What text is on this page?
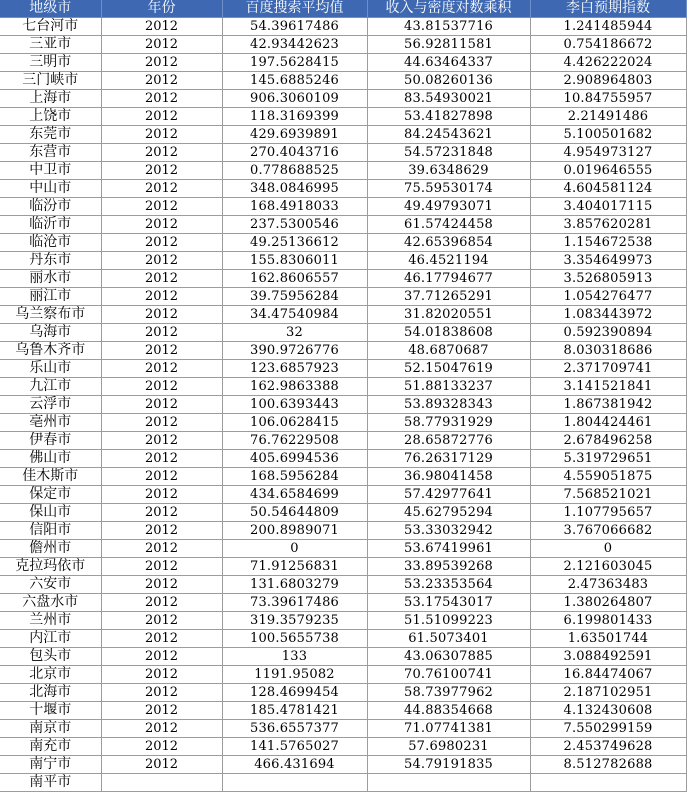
地级市	年份	百度搜索平均值	收入与密度对数乘积	李白预期指数
七台河市	2012	54.39617486	43.81537716	1.241485944
三亚市	2012	42.93442623	56.92811581	0.754186672
三明市	2012	197.5628415	44.63464337	4.426222024
三门峡市	2012	145.6885246	50.08260136	2.908964803
上海市	2012	906.3060109	83.54930021	10.84755957
上饶市	2012	118.3169399	53.41827898	2.21491486
东莞市	2012	429.6939891	84.24543621	5.100501682
东营市	2012	270.4043716	54.57231848	4.954973127
中卫市	2012	0.778688525	39.6348629	0.019646555
中山市	2012	348.0846995	75.59530174	4.604581124
临汾市	2012	168.4918033	49.49793071	3.404017115
临沂市	2012	237.5300546	61.57424458	3.857620281
临沧市	2012	49.25136612	42.65396854	1.154672538
丹东市	2012	155.8306011	46.4521194	3.354649973
丽水市	2012	162.8606557	46.17794677	3.526805913
丽江市	2012	39.75956284	37.71265291	1.054276477
乌兰察布市	2012	34.47540984	31.82020551	1.083443972
乌海市	2012	32	54.01838608	0.592390894
乌鲁木齐市	2012	390.9726776	48.6870687	8.030318686
乐山市	2012	123.6857923	52.15047619	2.371709741
九江市	2012	162.9863388	51.88133237	3.141521841
云浮市	2012	100.6393443	53.89328343	1.867381942
亳州市	2012	106.0628415	58.77931929	1.804424461
伊春市	2012	76.76229508	28.65872776	2.678496258
佛山市	2012	405.6994536	76.26317129	5.319729651
佳木斯市	2012	168.5956284	36.98041458	4.559051875
保定市	2012	434.6584699	57.42977641	7.568521021
保山市	2012	50.54644809	45.62795294	1.107795657
信阳市	2012	200.8989071	53.33032942	3.767066682
儋州市	2012	0	53.67419961	0
克拉玛依市	2012	71.91256831	33.89539268	2.121603045
六安市	2012	131.6803279	53.23353564	2.47363483
六盘水市	2012	73.39617486	53.17543017	1.380264807
兰州市	2012	319.3579235	51.51099223	6.199801433
内江市	2012	100.5655738	61.5073401	1.63501744
包头市	2012	133	43.06307885	3.088492591
北京市	2012	1191.95082	70.76100741	16.84474067
北海市	2012	128.4699454	58.73977962	2.187102951
十堰市	2012	185.4781421	44.88354668	4.132430608
南京市	2012	536.6557377	71.07741381	7.550299159
南充市	2012	141.5765027	57.6980231	2.453749628
南宁市	2012	466.431694	54.79191835	8.512782688
南平市				
